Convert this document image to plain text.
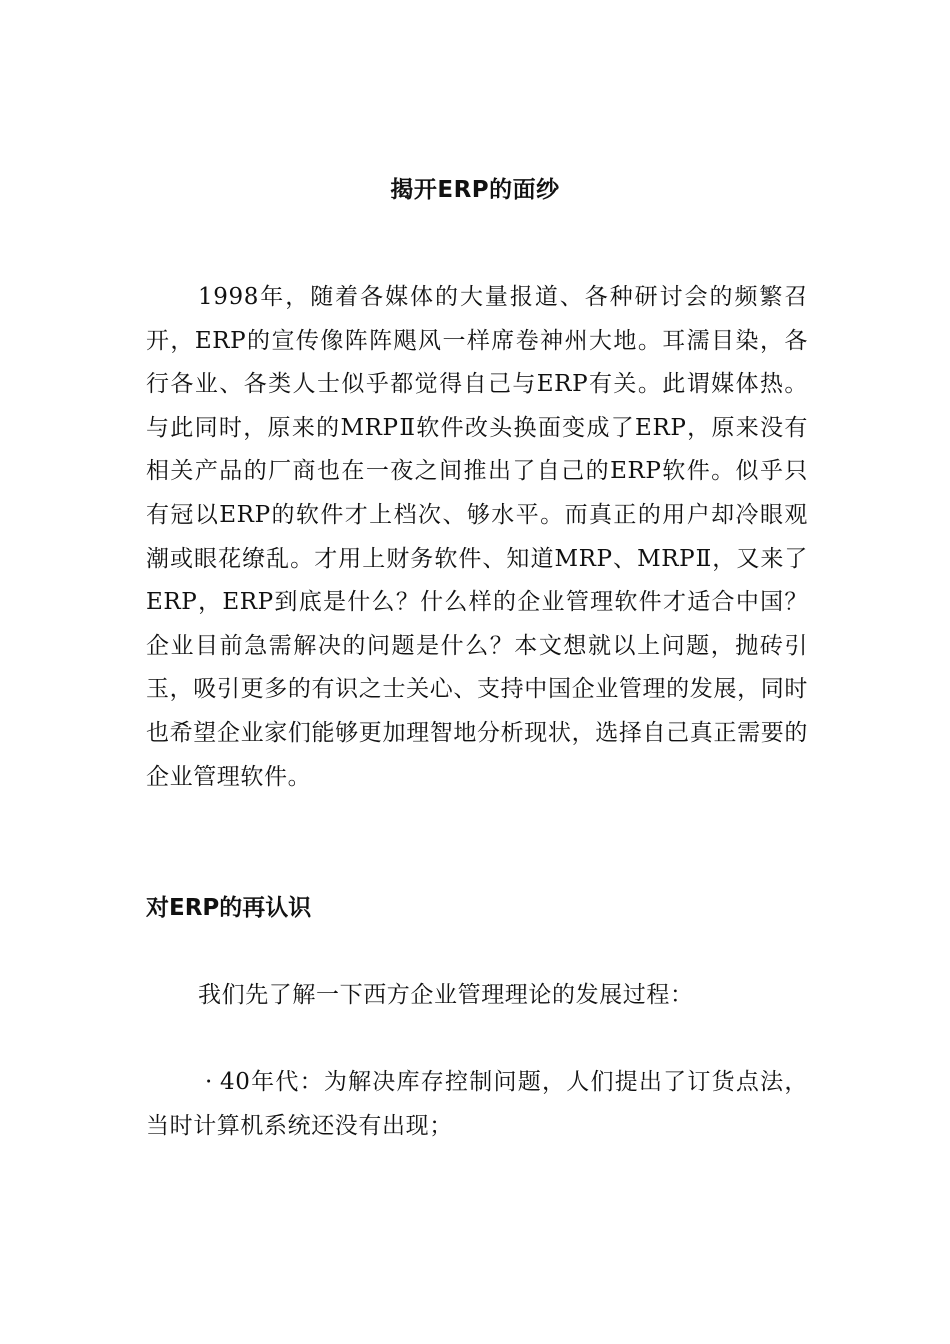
揭开ERP的面纱

1998年，随着各媒体的大量报道、各种研讨会的频繁召开，ERP的宣传像阵阵飓风一样席卷神州大地。耳濡目染，各行各业、各类人士似乎都觉得自己与ERP有关。此谓媒体热。与此同时，原来的MRPⅡ软件改头换面变成了ERP，原来没有相关产品的厂商也在一夜之间推出了自己的ERP软件。似乎只有冠以ERP的软件才上档次、够水平。而真正的用户却冷眼观潮或眼花缭乱。才用上财务软件、知道MRP、MRPⅡ，又来了ERP，ERP到底是什么？什么样的企业管理软件才适合中国？企业目前急需解决的问题是什么？本文想就以上问题，抛砖引玉，吸引更多的有识之士关心、支持中国企业管理的发展，同时也希望企业家们能够更加理智地分析现状，选择自己真正需要的企业管理软件。

对ERP的再认识

我们先了解一下西方企业管理理论的发展过程：

· 40年代：为解决库存控制问题，人们提出了订货点法，当时计算机系统还没有出现；
